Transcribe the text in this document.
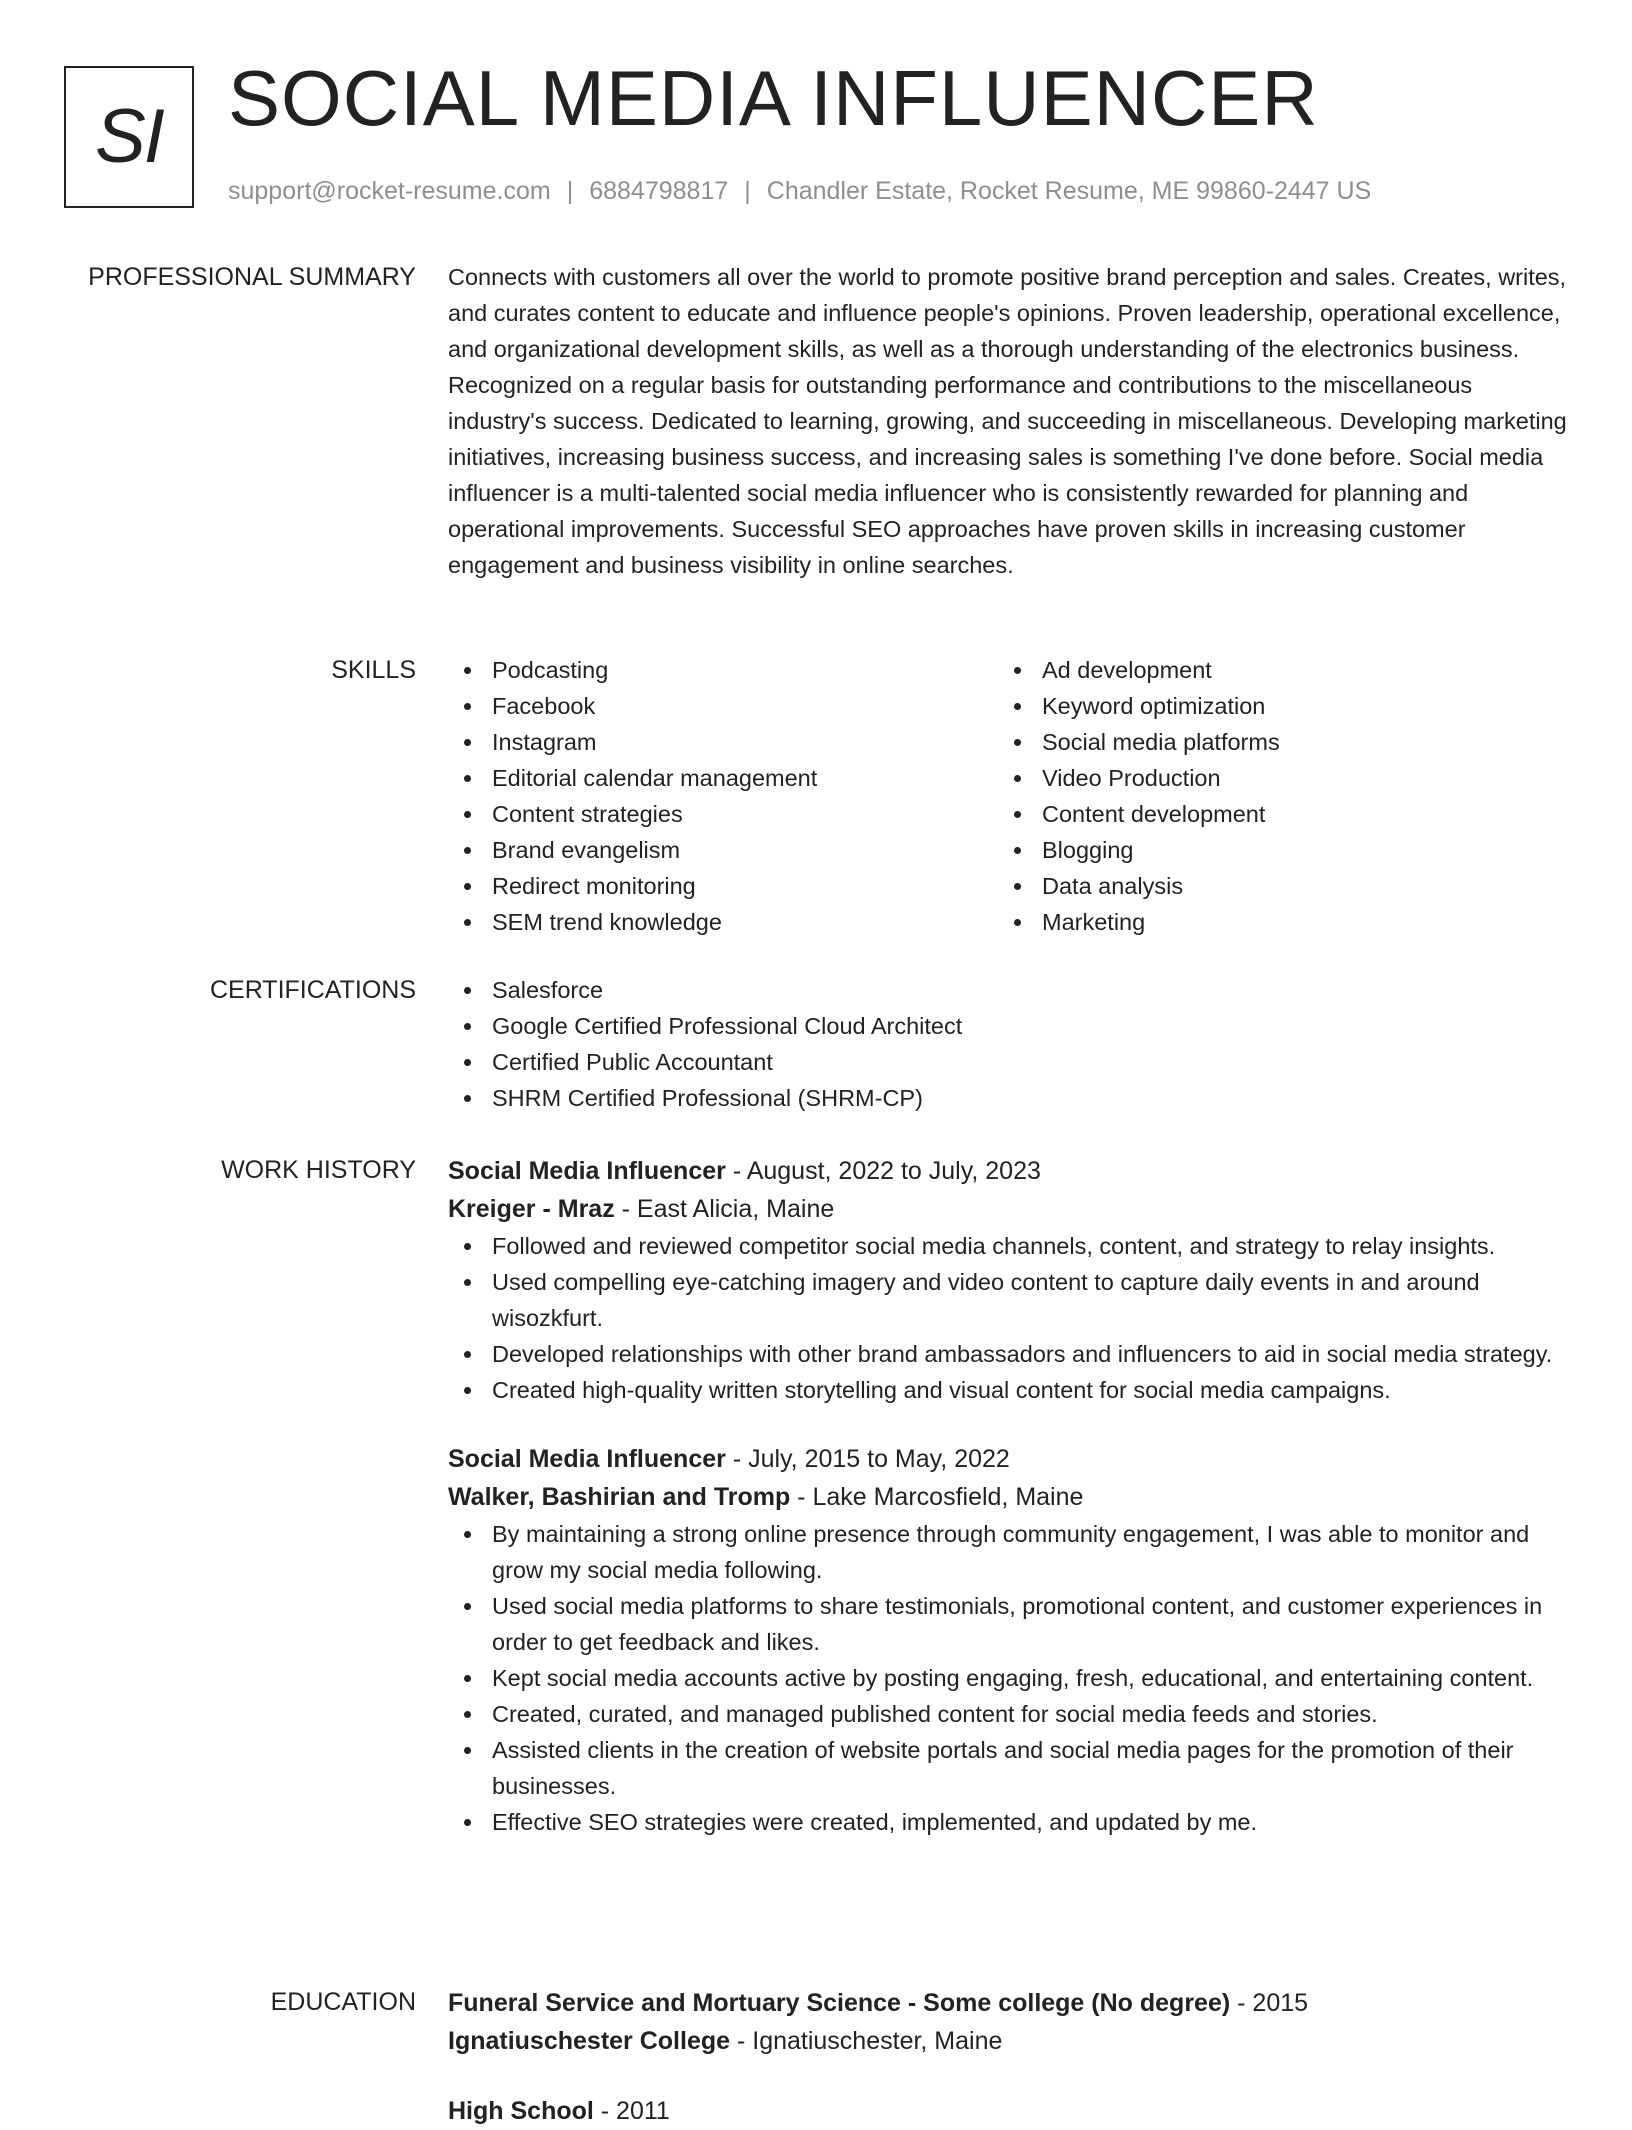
SI SOCIAL MEDIA INFLUENCER
support@rocket-resume.com | 6884798817 | Chandler Estate, Rocket Resume, ME 99860-2447 US
PROFESSIONAL SUMMARY Connects with customers all over the world to promote positive brand perception and sales. Creates, writes, and curates content to educate and influence people's opinions. Proven leadership, operational excellence, and organizational development skills, as well as a thorough understanding of the electronics business. Recognized on a regular basis for outstanding performance and contributions to the miscellaneous industry's success. Dedicated to learning, growing, and succeeding in miscellaneous. Developing marketing initiatives, increasing business success, and increasing sales is something I've done before. Social media influencer is a multi-talented social media influencer who is consistently rewarded for planning and operational improvements. Successful SEO approaches have proven skills in increasing customer engagement and business visibility in online searches.

SKILLS	Podcasting
Facebook
Instagram
Editorial calendar management
Content strategies
Brand evangelism
Redirect monitoring
SEM trend knowledge
Ad development
Keyword optimization
Social media platforms
Video Production
Content development
Blogging
Data analysis
Marketing
CERTIFICATIONS	Salesforce
Google Certified Professional Cloud Architect
Certified Public Accountant
SHRM Certified Professional (SHRM-CP)
WORK HISTORY Social Media Influencer - August, 2022 to July, 2023
Kreiger - Mraz - East Alicia, Maine
Followed and reviewed competitor social media channels, content, and strategy to relay insights.
Used compelling eye-catching imagery and video content to capture daily events in and around wisozkfurt.
Developed relationships with other brand ambassadors and influencers to aid in social media strategy.
Created high-quality written storytelling and visual content for social media campaigns.
Social Media Influencer - July, 2015 to May, 2022
Walker, Bashirian and Tromp - Lake Marcosfield, Maine
By maintaining a strong online presence through community engagement, I was able to monitor and grow my social media following.
Used social media platforms to share testimonials, promotional content, and customer experiences in order to get feedback and likes.
Kept social media accounts active by posting engaging, fresh, educational, and entertaining content.
Created, curated, and managed published content for social media feeds and stories.
Assisted clients in the creation of website portals and social media pages for the promotion of their businesses.
Effective SEO strategies were created, implemented, and updated by me.
EDUCATION Funeral Service and Mortuary Science - Some college (No degree) - 2015
Ignatiuschester College - Ignatiuschester, Maine
High School - 2011
